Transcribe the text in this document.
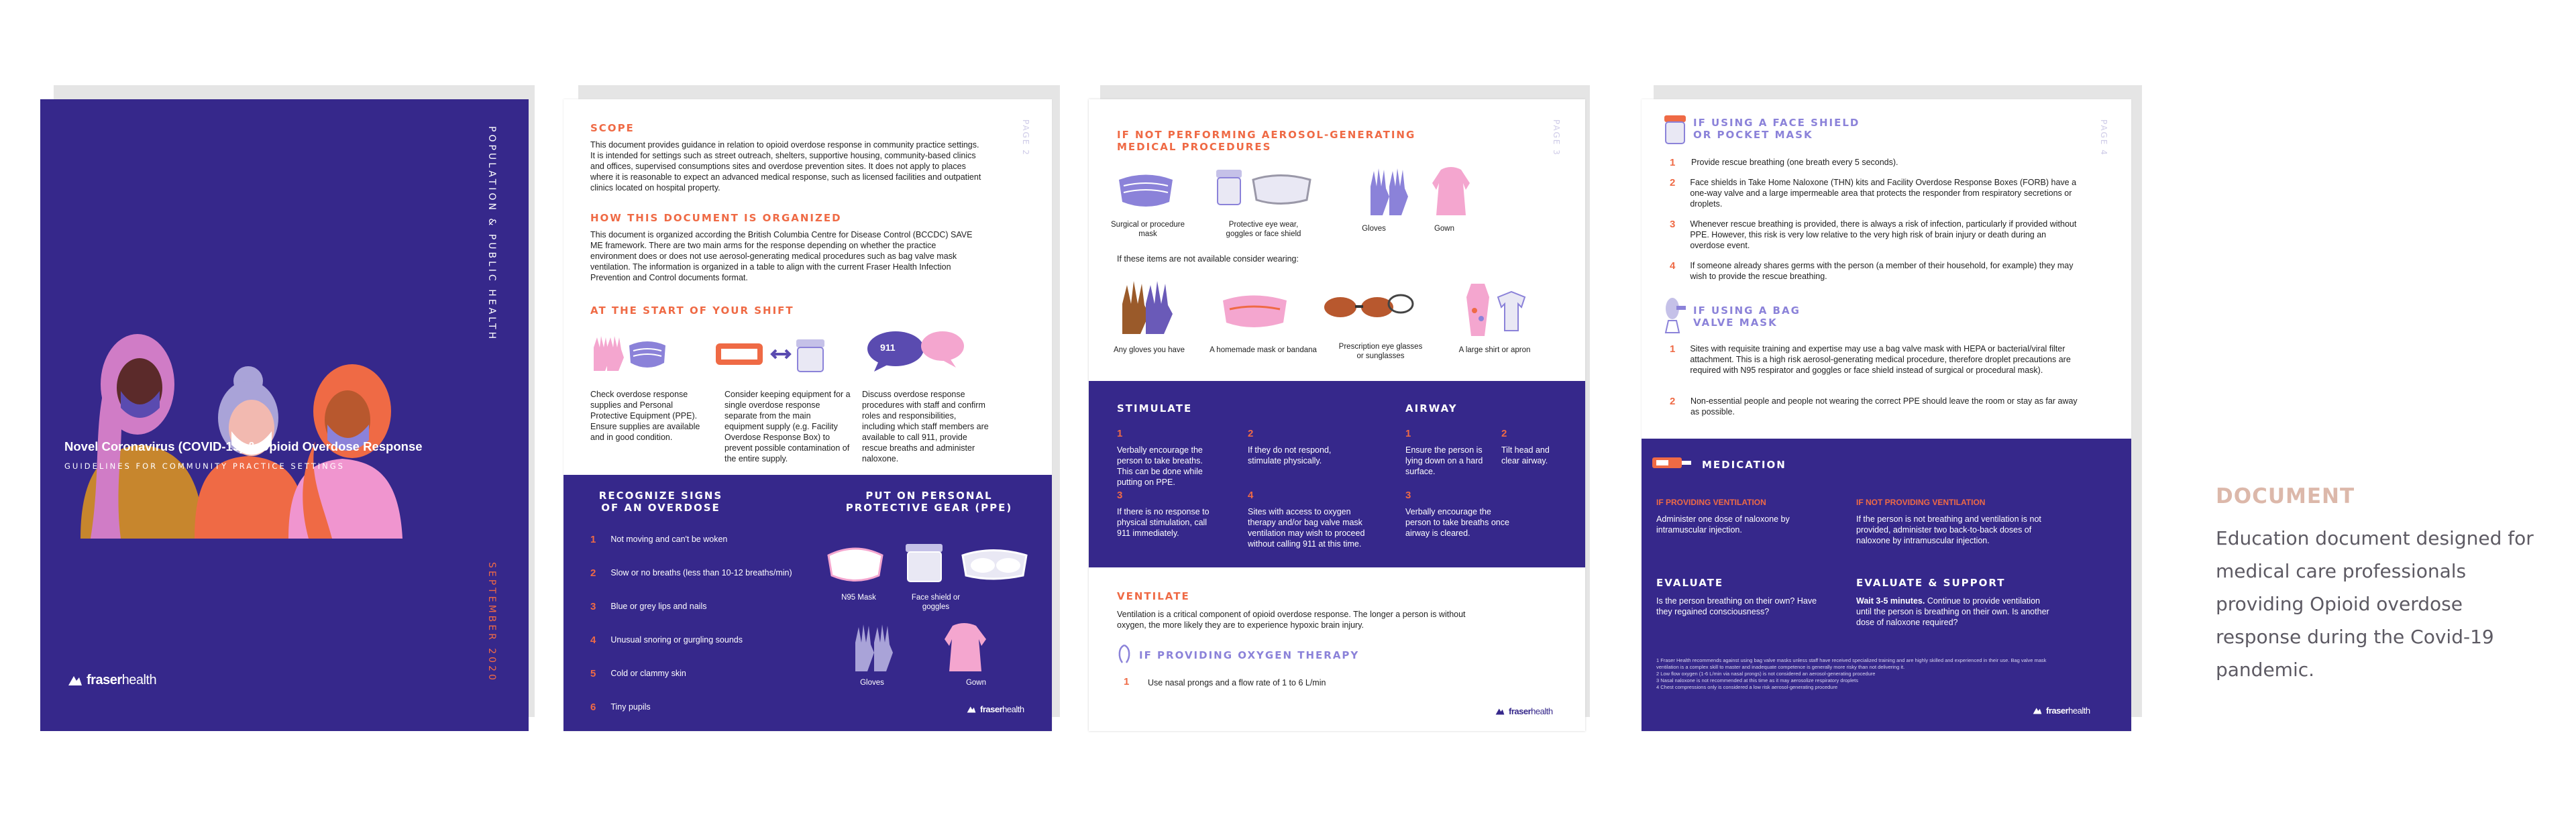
POPULATION & PUBLIC HEALTH
SEPTEMBER 2020
Novel Coronavirus (COVID-19) & Opioid Overdose Response
GUIDELINES FOR COMMUNITY PRACTICE SETTINGS
fraserhealth
PAGE 2
SCOPE
This document provides guidance in relation to opioid overdose response in community practice settings. It is intended for settings such as street outreach, shelters, supportive housing, community-based clinics and offices, supervised consumptions sites and overdose prevention sites. It does not apply to places where it is reasonable to expect an advanced medical response, such as licensed facilities and outpatient clinics located on hospital property.
HOW THIS DOCUMENT IS ORGANIZED
This document is organized according the British Columbia Centre for Disease Control (BCCDC) SAVE ME framework. There are two main arms for the response depending on whether the practice environment does or does not use aerosol-generating medical procedures such as bag valve mask ventilation. The information is organized in a table to align with the current Fraser Health Infection Prevention and Control documents format.
AT THE START OF YOUR SHIFT
911
Check overdose response supplies and Personal Protective Equipment (PPE). Ensure supplies are available and in good condition.
Consider keeping equipment for a single overdose response separate from the main equipment supply (e.g. Facility Overdose Response Box) to prevent possible contamination of the entire supply.
Discuss overdose response procedures with staff and confirm roles and responsibilities, including which staff members are available to call 911, provide rescue breaths and administer naloxone.
RECOGNIZE SIGNS
OF AN OVERDOSE
1 Not moving and can't be woken
2 Slow or no breaths (less than 10-12 breaths/min)
3 Blue or grey lips and nails
4 Unusual snoring or gurgling sounds
5 Cold or clammy skin
6 Tiny pupils
PUT ON PERSONAL
PROTECTIVE GEAR (PPE)
N95 Mask	Face shield or goggles
Gloves	Gown
fraserhealth
PAGE 3
IF NOT PERFORMING AEROSOL-GENERATING
MEDICAL PROCEDURES
Surgical or procedure mask
Protective eye wear, goggles or face shield
Gloves	Gown
If these items are not available consider wearing:
Any gloves you have	A homemade mask or bandana	Prescription eye glasses or sunglasses
A large shirt or apron
STIMULATE
1
Verbally encourage the person to take breaths. This can be done while putting on PPE.
2
If they do not respond, stimulate physically.
3
If there is no response to physical stimulation, call 911 immediately.
4
Sites with access to oxygen therapy and/or bag valve mask ventilation may wish to proceed without calling 911 at this time.
AIRWAY
1
Ensure the person is lying down on a hard surface.
2
Tilt head and clear airway.
3
Verbally encourage the person to take breaths once airway is cleared.
VENTILATE
Ventilation is a critical component of opioid overdose response. The longer a person is without oxygen, the more likely they are to experience hypoxic brain injury.
IF PROVIDING OXYGEN THERAPY
1 Use nasal prongs and a flow rate of 1 to 6 L/min
fraserhealth
PAGE 4
IF USING A FACE SHIELD
OR POCKET MASK
1 Provide rescue breathing (one breath every 5 seconds).
2 Face shields in Take Home Naloxone (THN) kits and Facility Overdose Response Boxes (FORB) have a one-way valve and a large impermeable area that protects the responder from respiratory secretions or droplets.
3 Whenever rescue breathing is provided, there is always a risk of infection, particularly if provided without PPE. However, this risk is very low relative to the very high risk of brain injury or death during an overdose event.
4 If someone already shares germs with the person (a member of their household, for example) they may wish to provide the rescue breathing.
IF USING A BAG
VALVE MASK
1 Sites with requisite training and expertise may use a bag valve mask with HEPA or bacterial/viral filter attachment. This is a high risk aerosol-generating medical procedure, therefore droplet precautions are required with N95 respirator and goggles or face shield instead of surgical or procedural mask).
2 Non-essential people and people not wearing the correct PPE should leave the room or stay as far away as possible.
MEDICATION
IF PROVIDING VENTILATION
Administer one dose of naloxone by intramuscular injection.
IF NOT PROVIDING VENTILATION
If the person is not breathing and ventilation is not provided, administer two back-to-back doses of naloxone by intramuscular injection.
EVALUATE
Is the person breathing on their own? Have they regained consciousness?
EVALUATE & SUPPORT
Wait 3-5 minutes. Continue to provide ventilation until the person is breathing on their own. Is another dose of naloxone required?
1 Fraser Health recommends against using bag valve masks unless staff have received specialized training and are highly skilled and experienced in their use. Bag valve mask ventilation is a complex skill to master and inadequate competence is generally more risky than not delivering it.
2 Low flow oxygen (1-6 L/min via nasal prongs) is not considered an aerosol-generating procedure
3 Nasal naloxone is not recommended at this time as it may aerosolize respiratory droplets
4 Chest compressions only is considered a low risk aerosol-generating procedure
fraserhealth
DOCUMENT
Education document designed for medical care professionals providing Opioid overdose response during the Covid-19 pandemic.
